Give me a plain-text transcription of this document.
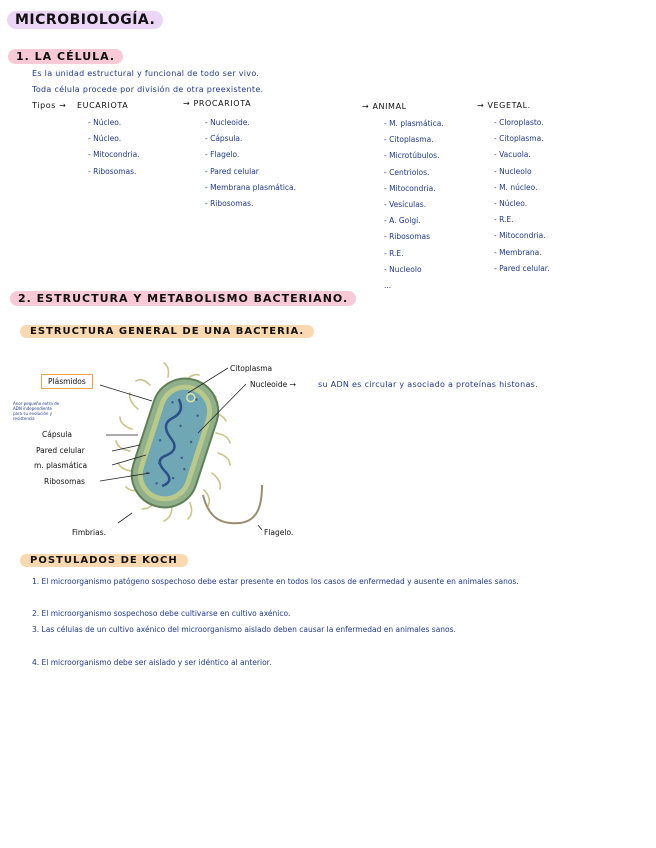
MICROBIOLOGÍA.
1. LA CÉLULA.
Es la unidad estructural y funcional de todo ser vivo.
Toda célula procede por división de otra preexistente.
Tipos → EUCARIOTA
- Núcleo.
- Núcleo.
- Mitocondria.
- Ribosomas.
→ PROCARIOTA
- Nucleoide.
- Cápsula.
- Flagelo.
- Pared celular
- Membrana plasmática.
- Ribosomas.
→ ANIMAL
- M. plasmática.
- Citoplasma.
- Microtúbulos.
- Centriolos.
- Mitocondria.
- Vesículas.
- A. Golgi.
- Ribosomas
- R.E.
- Nucleolo
...
→ VEGETAL.
- Cloroplasto.
- Citoplasma.
- Vacuola.
- Nucleolo
- M. núcleo.
- Núcleo.
- R.E.
- Mitocondria.
- Membrana.
- Pared celular.
2. ESTRUCTURA Y METABOLISMO BACTERIANO.
ESTRUCTURA GENERAL DE UNA BACTERIA.
Plásmidos
Anor pequeño extra de ADN independiente para su evolución y resistencia
Citoplasma
Nucleoide →	su ADN es circular y asociado a proteínas histonas.
Cápsula
Pared celular
m. plasmática
Ribosomas
Fimbrias.	Flagelo.
POSTULADOS DE KOCH
1. El microorganismo patógeno sospechoso debe estar presente en todos los casos de enfermedad y ausente en animales sanos.
2. El microorganismo sospechoso debe cultivarse en cultivo axénico.
3. Las células de un cultivo axénico del microorganismo aislado deben causar la enfermedad en animales sanos.
4. El microorganismo debe ser aislado y ser idéntico al anterior.
